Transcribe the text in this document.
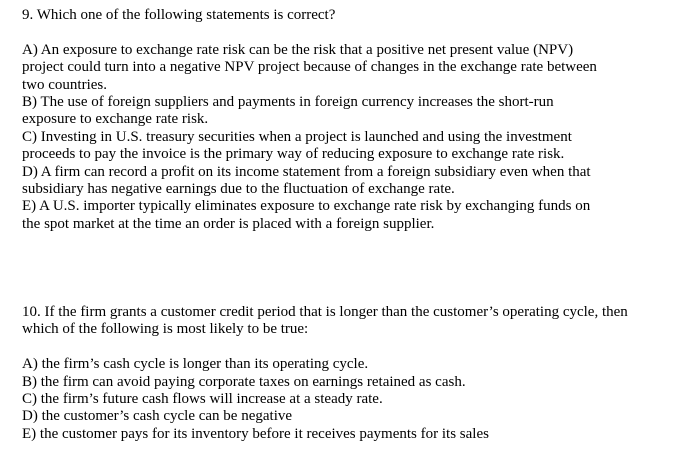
9. Which one of the following statements is correct?
A) An exposure to exchange rate risk can be the risk that a positive net present value (NPV)
project could turn into a negative NPV project because of changes in the exchange rate between
two countries.
B) The use of foreign suppliers and payments in foreign currency increases the short-run
exposure to exchange rate risk.
C) Investing in U.S. treasury securities when a project is launched and using the investment
proceeds to pay the invoice is the primary way of reducing exposure to exchange rate risk.
D) A firm can record a profit on its income statement from a foreign subsidiary even when that
subsidiary has negative earnings due to the fluctuation of exchange rate.
E) A U.S. importer typically eliminates exposure to exchange rate risk by exchanging funds on
the spot market at the time an order is placed with a foreign supplier.
10. If the firm grants a customer credit period that is longer than the customer’s operating cycle, then
which of the following is most likely to be true:
A) the firm’s cash cycle is longer than its operating cycle.
B) the firm can avoid paying corporate taxes on earnings retained as cash.
C) the firm’s future cash flows will increase at a steady rate.
D) the customer’s cash cycle can be negative
E) the customer pays for its inventory before it receives payments for its sales
